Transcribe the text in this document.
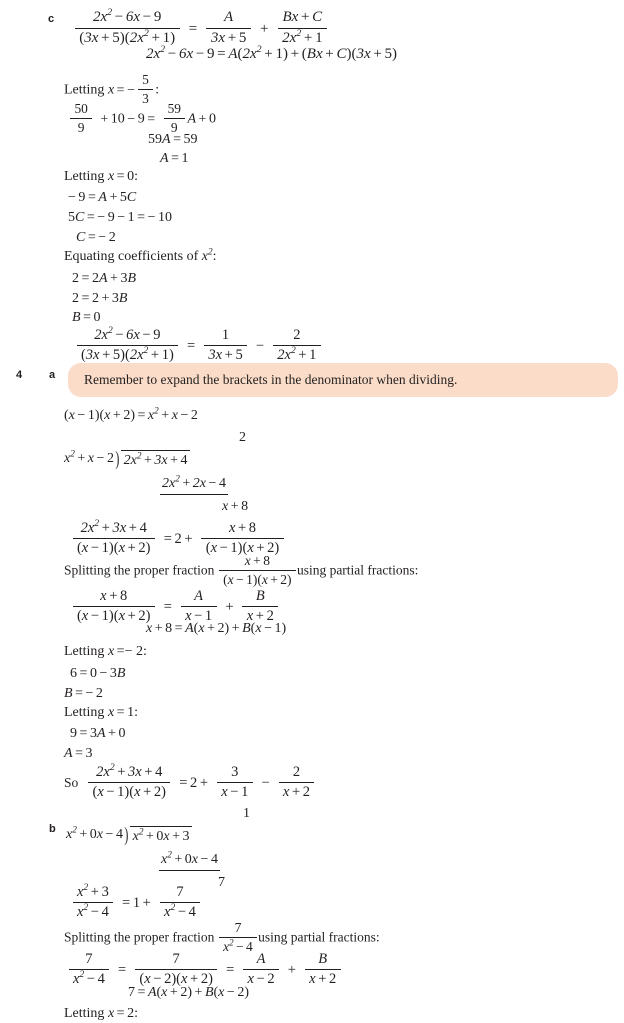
c $\frac{2x^2 - 6x - 9}{(3x + 5)(2x^2 + 1)} = \frac{A}{3x + 5} + \frac{Bx + C}{2x^2 + 1}$
$2x^2 - 6x - 9 = A(2x^2 + 1) + (Bx + C)(3x + 5)$
Letting x = − $\frac{5}{3}$ :
$\frac{50}{9} + 10 - 9 = \frac{59}{9}$ A + 0
59A = 59
A = 1
Letting x = 0:
− 9 = A + 5C
5C = − 9 − 1 = − 10
C = − 2
Equating coefficients of $x^2$:
2 = 2A + 3B
2 = 2 + 3B
B = 0
$\frac{2x^2 - 6x - 9}{(3x + 5)(2x^2 + 1)} = \frac{1}{3x + 5} - \frac{2}{2x^2 + 1}$
4 a Remember to expand the brackets in the denominator when dividing.
$(x - 1)(x + 2) = x^2 + x - 2$
2
$x^2 + x - 2$ ) $2x^2 + 3x + 4$
$2x^2 + 2x - 4$
x + 8
$\frac{2x^2 + 3x + 4}{(x - 1)(x + 2)} = 2 + \frac{x + 8}{(x - 1)(x + 2)}$
Splitting the proper fraction $\frac{x + 8}{(x - 1)(x + 2)}$ using partial fractions:
$\frac{x + 8}{(x - 1)(x + 2)} = \frac{A}{x - 1} + \frac{B}{x + 2}$
x + 8 = A(x + 2) + B(x − 1)
Letting x =− 2:
6 = 0 − 3B
B = − 2
Letting x = 1:
9 = 3A + 0
A = 3
So $\frac{2x^2 + 3x + 4}{(x - 1)(x + 2)} = 2 + \frac{3}{x - 1} - \frac{2}{x + 2}$
b
1
$x^2 + 0x - 4$ ) $x^2 + 0x + 3$
$x^2 + 0x - 4$
7
$\frac{x^2 + 3}{x^2 - 4} = 1 + \frac{7}{x^2 - 4}$
Splitting the proper fraction $\frac{7}{x^2 - 4}$ using partial fractions:
$\frac{7}{x^2 - 4} = \frac{7}{(x - 2)(x + 2)} = \frac{A}{x - 2} + \frac{B}{x + 2}$
7 = A(x + 2) + B(x − 2)
Letting x = 2:
